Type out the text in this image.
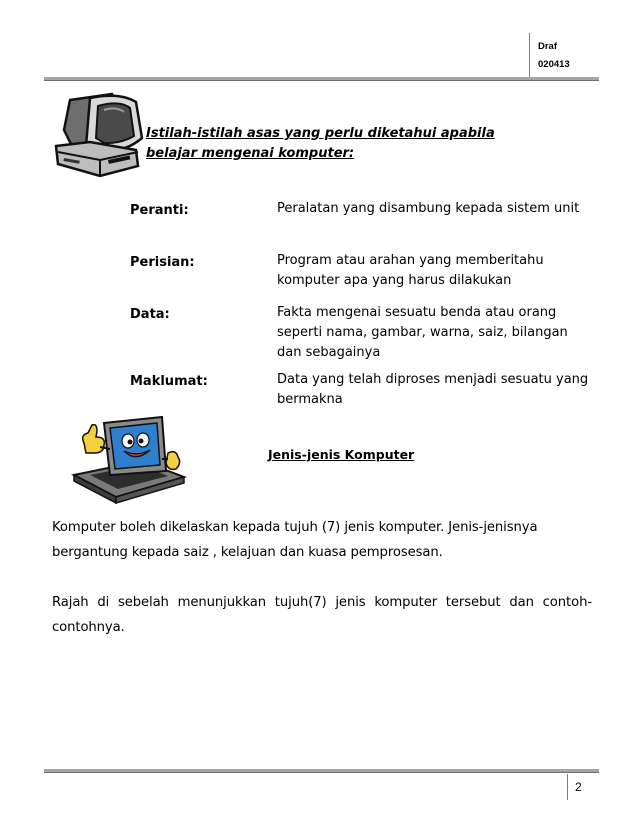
Draf
020413
Istilah-istilah asas yang perlu diketahui apabila belajar mengenai komputer:
Peranti:	Peralatan yang disambung kepada sistem unit
Perisian:	Program atau arahan yang memberitahu komputer apa yang harus dilakukan
Data:	Fakta mengenai sesuatu benda atau orang seperti nama, gambar, warna, saiz, bilangan dan sebagainya
Maklumat:	Data yang telah diproses menjadi sesuatu yang bermakna
Jenis-jenis Komputer
Komputer boleh dikelaskan kepada tujuh (7) jenis komputer. Jenis-jenisnya bergantung kepada saiz , kelajuan dan kuasa pemprosesan.
Rajah di sebelah menunjukkan tujuh(7) jenis komputer tersebut dan contoh-contohnya.
2
